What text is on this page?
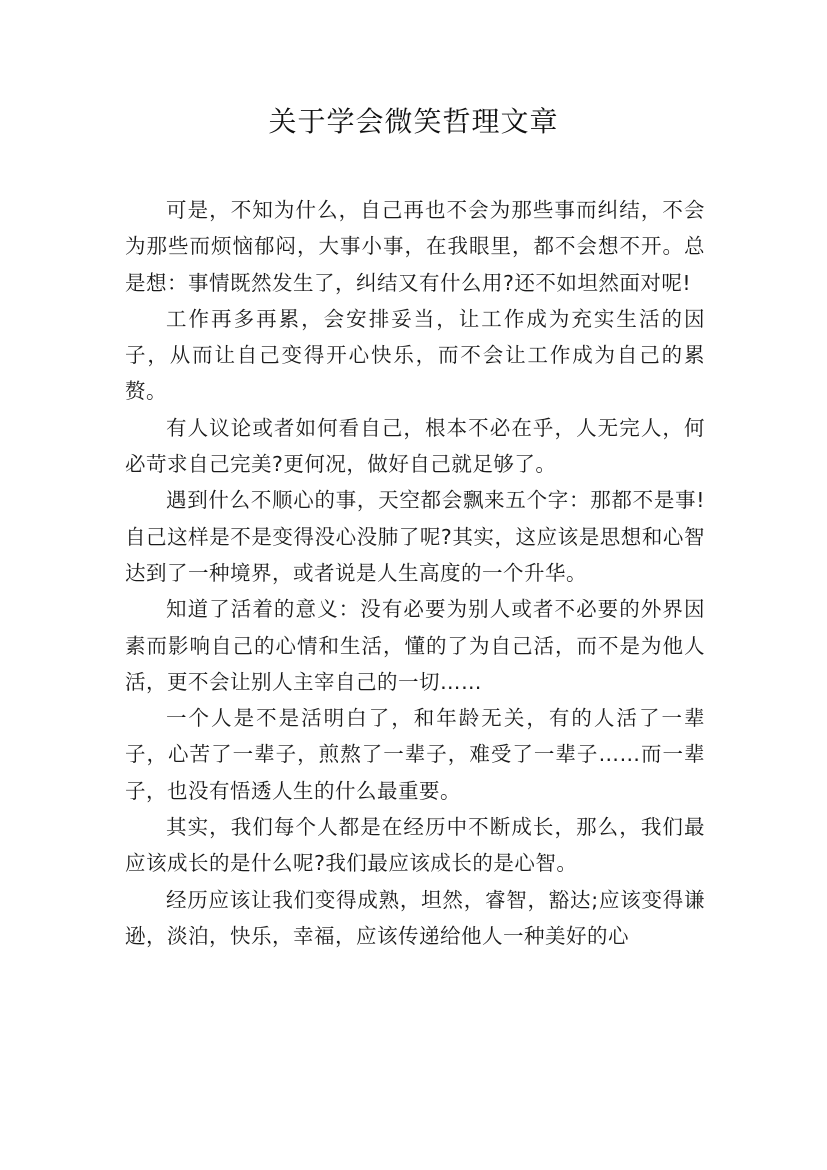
关于学会微笑哲理文章

可是，不知为什么，自己再也不会为那些事而纠结，不会为那些而烦恼郁闷，大事小事，在我眼里，都不会想不开。总是想：事情既然发生了，纠结又有什么用?还不如坦然面对呢!

工作再多再累，会安排妥当，让工作成为充实生活的因子，从而让自己变得开心快乐，而不会让工作成为自己的累赘。

有人议论或者如何看自己，根本不必在乎，人无完人，何必苛求自己完美?更何况，做好自己就足够了。

遇到什么不顺心的事，天空都会飘来五个字：那都不是事!自己这样是不是变得没心没肺了呢?其实，这应该是思想和心智达到了一种境界，或者说是人生高度的一个升华。

知道了活着的意义：没有必要为别人或者不必要的外界因素而影响自己的心情和生活，懂的了为自己活，而不是为他人活，更不会让别人主宰自己的一切……

一个人是不是活明白了，和年龄无关，有的人活了一辈子，心苦了一辈子，煎熬了一辈子，难受了一辈子……而一辈子，也没有悟透人生的什么最重要。

其实，我们每个人都是在经历中不断成长，那么，我们最应该成长的是什么呢?我们最应该成长的是心智。

经历应该让我们变得成熟，坦然，睿智，豁达;应该变得谦逊，淡泊，快乐，幸福，应该传递给他人一种美好的心
